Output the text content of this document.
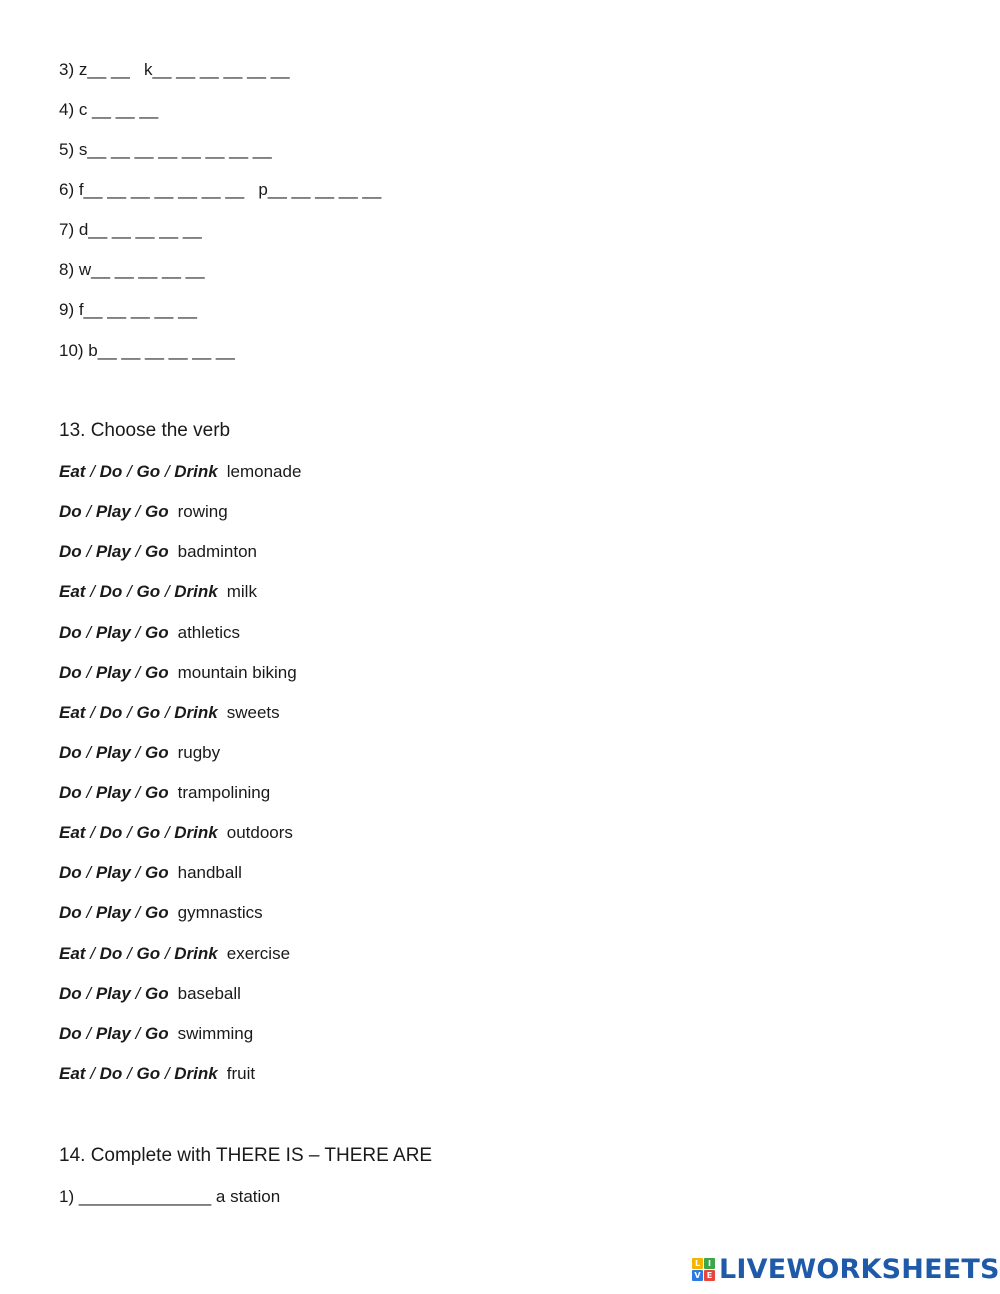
3) z__ __   k__ __ __ __ __ __
4) c __ __ __
5) s__ __ __ __ __ __ __ __
6) f__ __ __ __ __ __ __   p__ __ __ __ __
7) d__ __ __ __ __
8) w__ __ __ __ __
9) f__ __ __ __ __
10) b__ __ __ __ __ __
13. Choose the verb
Eat / Do / Go / Drink lemonade
Do / Play / Go rowing
Do / Play / Go badminton
Eat / Do / Go / Drink milk
Do / Play / Go athletics
Do / Play / Go mountain biking
Eat / Do / Go / Drink sweets
Do / Play / Go rugby
Do / Play / Go trampolining
Eat / Do / Go / Drink outdoors
Do / Play / Go handball
Do / Play / Go gymnastics
Eat / Do / Go / Drink exercise
Do / Play / Go baseball
Do / Play / Go swimming
Eat / Do / Go / Drink fruit
14. Complete with THERE IS – THERE ARE
1) ______________ a station
L I
V E LIVEWORKSHEETS
